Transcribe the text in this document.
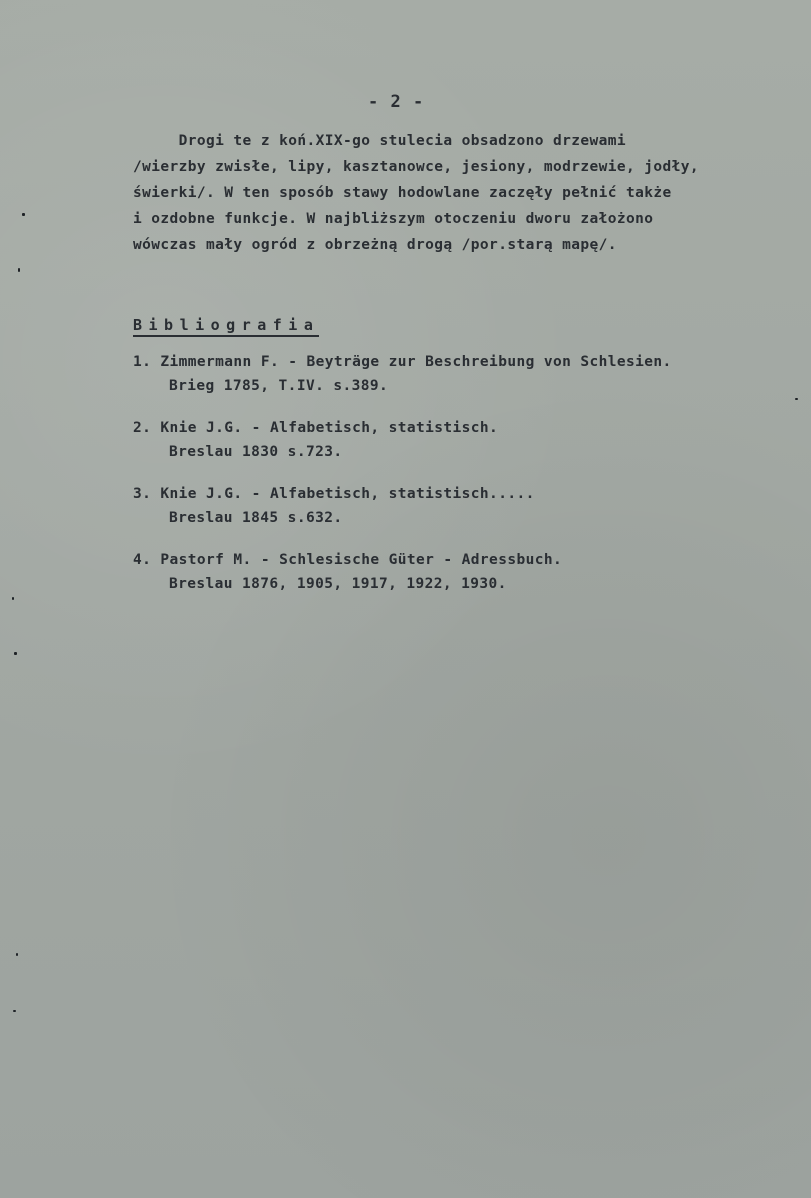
- 2 -
Drogi te z koń.XIX-go stulecia obsadzono drzewami
/wierzby zwisłe, lipy, kasztanowce, jesiony, modrzewie, jodły,
świerki/. W ten sposób stawy hodowlane zaczęły pełnić także
i ozdobne funkcje. W najbliższym otoczeniu dworu założono
wówczas mały ogród z obrzeżną drogą /por.starą mapę/.
Bibliografia
1. Zimmermann F. - Beyträge zur Beschreibung von Schlesien.
Brieg 1785, T.IV. s.389.
2. Knie J.G. - Alfabetisch, statistisch.
Breslau 1830 s.723.
3. Knie J.G. - Alfabetisch, statistisch.....
Breslau 1845 s.632.
4. Pastorf M. - Schlesische Güter - Adressbuch.
Breslau 1876, 1905, 1917, 1922, 1930.
